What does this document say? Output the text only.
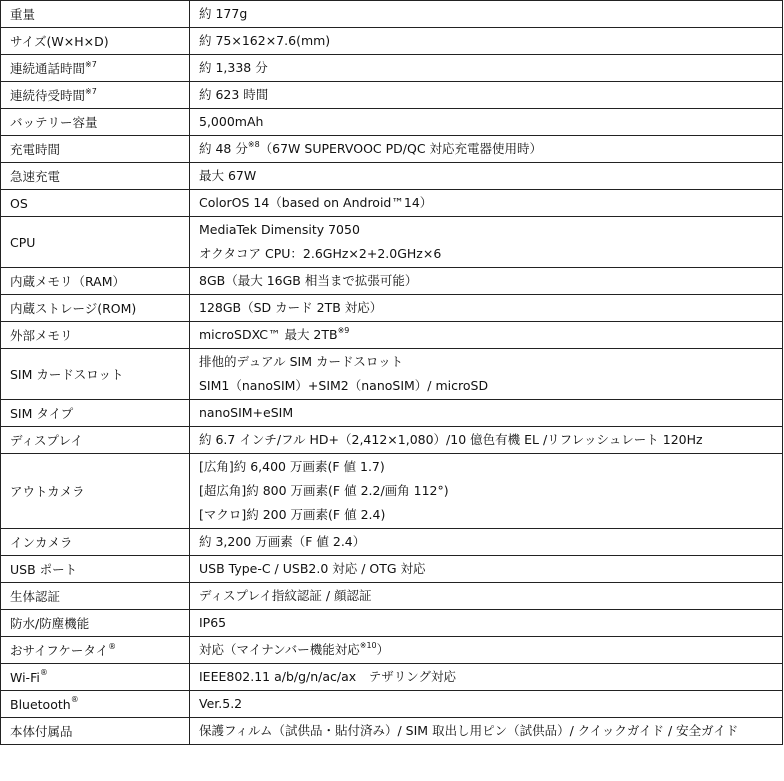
重量	約 177g

サイズ(W×H×D)	約 75×162×7.6(mm)

連続通話時間$^{※7}$	約 1,338 分

連続待受時間$^{※7}$	約 623 時間

バッテリー容量	5,000mAh

充電時間	約 48 分$^{※8}$（67W SUPERVOOC PD/QC 対応充電器使用時）

急速充電	最大 67W

OS	ColorOS 14（based on Android™14）

CPU	MediaTek Dimensity 7050
オクタコア CPU：2.6GHz×2+2.0GHz×6

内蔵メモリ（RAM）	8GB（最大 16GB 相当まで拡張可能）

内蔵ストレージ(ROM)	128GB（SD カード 2TB 対応）

外部メモリ	microSDXC™ 最大 2TB$^{※9}$

SIM カードスロット	排他的デュアル SIM カードスロット
SIM1（nanoSIM）+SIM2（nanoSIM）/ microSD

SIM タイプ	nanoSIM+eSIM

ディスプレイ	約 6.7 インチ/フル HD+（2,412×1,080）/10 億色有機 EL /リフレッシュレート 120Hz

アウトカメラ	[広角]約 6,400 万画素(F 値 1.7)
[超広角]約 800 万画素(F 値 2.2/画角 112°)
[マクロ]約 200 万画素(F 値 2.4)

インカメラ	約 3,200 万画素（F 値 2.4）

USB ポート	USB Type-C / USB2.0 対応 / OTG 対応

生体認証	ディスプレイ指紋認証 / 顔認証

防水/防塵機能	IP65

おサイフケータイ®	対応（マイナンバー機能対応$^{※10}$）

Wi-Fi®	IEEE802.11 a/b/g/n/ac/ax　テザリング対応

Bluetooth®	Ver.5.2

本体付属品	保護フィルム（試供品・貼付済み）/ SIM 取出し用ピン（試供品）/ クイックガイド / 安全ガイド
